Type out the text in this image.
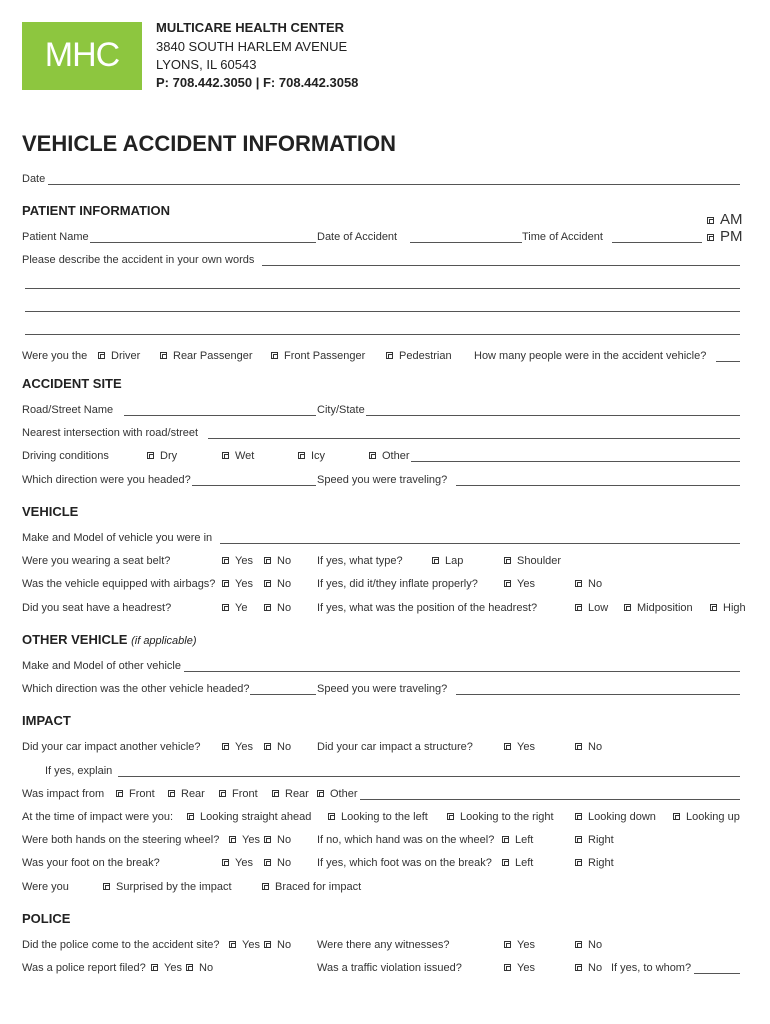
MHC
MULTICARE HEALTH CENTER
3840 SOUTH HARLEM AVENUE
LYONS, IL 60543
P: 708.442.3050 | F: 708.442.3058
VEHICLE ACCIDENT INFORMATION
Date
PATIENT INFORMATION
Patient Name	Date of Accident	Time of Accident
AM
PM
Please describe the accident in your own words
Were you the	Driver	Rear Passenger	Front Passenger	Pedestrian How many people were in the accident vehicle?
ACCIDENT SITE
Road/Street Name	City/State
Nearest intersection with road/street
Driving conditions	Dry	Wet	Icy	Other
Which direction were you headed?	Speed you were traveling?
VEHICLE
Make and Model of vehicle you were in
Were you wearing a seat belt?	Yes	No If yes, what type?	Lap	Shoulder
Was the vehicle equipped with airbags?	Yes	No If yes, did it/they inflate properly?	Yes	No
Did you seat have a headrest?	Ye	No If yes, what was the position of the headrest?	Low	Midposition	High
OTHER VEHICLE (if applicable)
Make and Model of other vehicle
Which direction was the other vehicle headed?	Speed you were traveling?
IMPACT
Did your car impact another vehicle?	Yes	No Did your car impact a structure?	Yes	No
If yes, explain
Was impact from	Front	Rear	Front	Rear	Other
At the time of impact were you:	Looking straight ahead	Looking to the left	Looking to the right	Looking down	Looking up
Were both hands on the steering wheel?	Yes	No If no, which hand was on the wheel?	Left	Right
Was your foot on the break?	Yes	No If yes, which foot was on the break?	Left	Right
Were you	Surprised by the impact	Braced for impact
POLICE
Did the police come to the accident site?	Yes	No Were there any witnesses?	Yes	No
Was a police report filed?	Yes	No	Was a traffic violation issued?	Yes	No If yes, to whom?
